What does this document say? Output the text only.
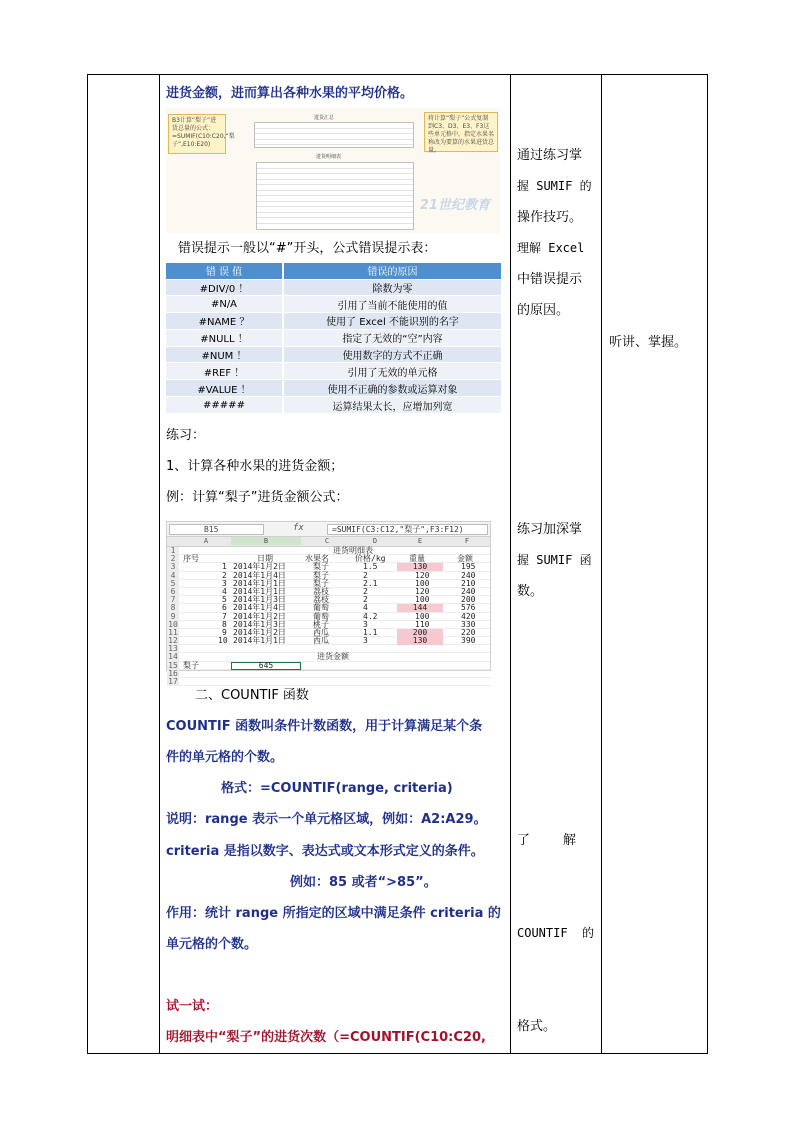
进货金额，进而算出各种水果的平均价格。
B3计算“梨子”进货总量的公式：=SUMIF(C10:C20,“梨子”,E10:E20)
将计算“梨子”公式复制到C3、D3、E3、F3这些单元格中，指定水果名称改为要算的水果进货总量。
进货汇总
进货明细表
21世纪教育
错误提示一般以“#”开头，公式错误提示表：
错 误 值	错误的原因
#DIV/0 ！	除数为零
#N/A	引用了当前不能使用的值
#NAME ？	使用了 Excel 不能识别的名字
#NULL ！	指定了无效的“空”内容
#NUM ！	使用数字的方式不正确
#REF ！	引用了无效的单元格
#VALUE ！	使用不正确的参数或运算对象
#####	运算结果太长，应增加列宽
练习：
1、计算各种水果的进货金额；
例：计算“梨子”进货金额公式：
B15	fx	=SUMIF(C3:C12,"梨子",F3:F12)
A	B	C	D	E	F
1	进货明细表
2 序号	日期	水果名	价格/kg	重量	金额
3	1 2014年1月2日	梨子	1.5	130	195
4	2 2014年1月4日	梨子	2	120	240
5	3 2014年1月1日	梨子	2.1	100	210
6	4 2014年1月1日	荔枝	2	120	240
7	5 2014年1月3日	荔枝	2	100	200
8	6 2014年1月4日	葡萄	4	144	576
9	7 2014年1月2日	葡萄	4.2	100	420
10	8 2014年1月3日	桃子	3	110	330
11	9 2014年1月2日	西瓜	1.1	200	220
12	10 2014年1月1日	西瓜	3	130	390
13
14	进货金额
15 梨子	645
16
17
二、COUNTIF 函数
COUNTIF 函数叫条件计数函数，用于计算满足某个条
件的单元格的个数。
格式：=COUNTIF(range, criteria)
说明：range 表示一个单元格区域，例如：A2:A29。
criteria 是指以数字、表达式或文本形式定义的条件。
例如：85 或者“>85”。
作用：统计 range 所指定的区域中满足条件 criteria 的
单元格的个数。
试一试：
明细表中“梨子”的进货次数（=COUNTIF(C10:C20,
通过练习掌
握 SUMIF 的
操作技巧。
理解 Excel
中错误提示
的原因。
练习加深掌
握 SUMIF 函
数。

了        解

COUNTIF  的

格式。

听讲、掌握。
